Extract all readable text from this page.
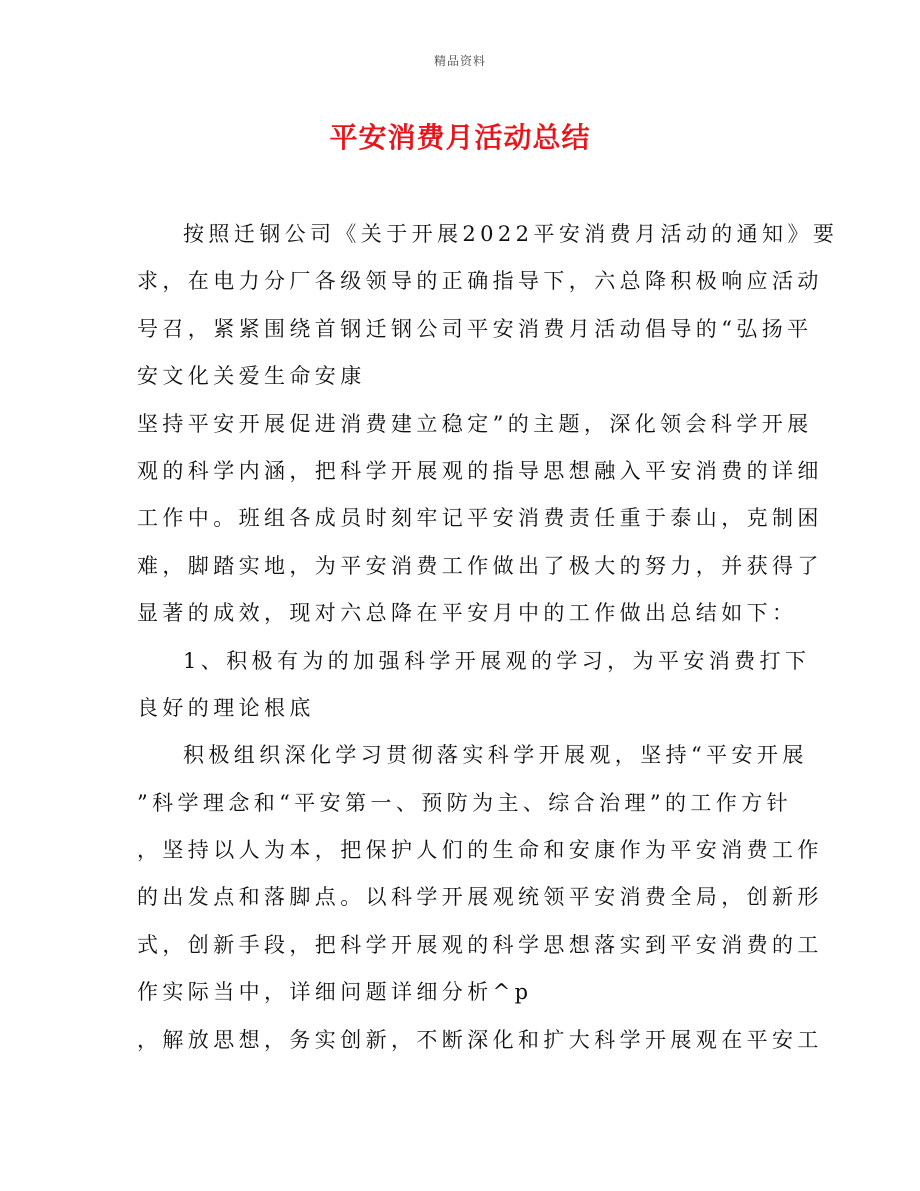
精品资料
平安消费月活动总结
按照迁钢公司《关于开展2022平安消费月活动的通知》要
求，在电力分厂各级领导的正确指导下，六总降积极响应活动
号召，紧紧围绕首钢迁钢公司平安消费月活动倡导的“弘扬平
安文化关爱生命安康
坚持平安开展促进消费建立稳定”的主题，深化领会科学开展
观的科学内涵，把科学开展观的指导思想融入平安消费的详细
工作中。班组各成员时刻牢记平安消费责任重于泰山，克制困
难，脚踏实地，为平安消费工作做出了极大的努力，并获得了
显著的成效，现对六总降在平安月中的工作做出总结如下：
1、积极有为的加强科学开展观的学习，为平安消费打下
良好的理论根底
积极组织深化学习贯彻落实科学开展观，坚持“平安开展
”科学理念和“平安第一、预防为主、综合治理”的工作方针
，坚持以人为本，把保护人们的生命和安康作为平安消费工作
的出发点和落脚点。以科学开展观统领平安消费全局，创新形
式，创新手段，把科学开展观的科学思想落实到平安消费的工
作实际当中，详细问题详细分析^p
，解放思想，务实创新，不断深化和扩大科学开展观在平安工
